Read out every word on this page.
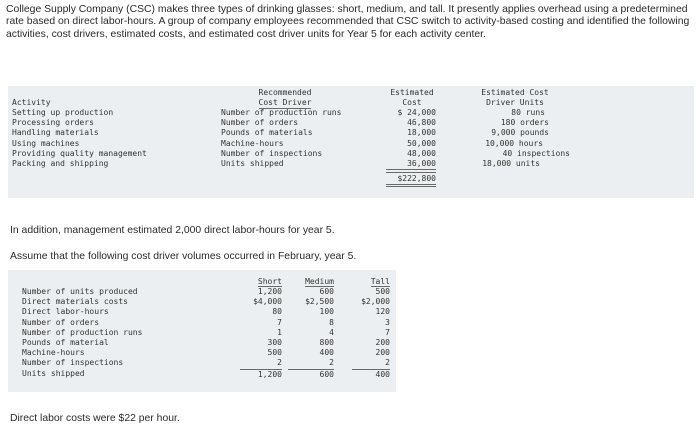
College Supply Company (CSC) makes three types of drinking glasses: short, medium, and tall. It presently applies overhead using a predetermined rate based on direct labor-hours. A group of company employees recommended that CSC switch to activity-based costing and identified the following activities, cost drivers, estimated costs, and estimated cost driver units for Year 5 for each activity center.
Recommended
Cost Driver
Estimated
Cost
Estimated Cost
Driver Units
Activity
Setting up production
Processing orders
Handling materials
Using machines
Providing quality management
Packing and shipping
Number of production runs
Number of orders
Pounds of materials
Machine-hours
Number of inspections
Units shipped
$ 24,000
46,800
18,000
50,000
48,000
36,000
$222,800
80 runs
180 orders
9,000 pounds
10,000 hours
40 inspections
18,000 units
In addition, management estimated 2,000 direct labor-hours for year 5.
Assume that the following cost driver volumes occurred in February, year 5.
Short	Medium	Tall
Number of units produced
Direct materials costs
Direct labor-hours
Number of orders
Number of production runs
Pounds of material
Machine-hours
Number of inspections
Units shipped
1,200
$4,000
80
7
1
300
500
2
1,200
600
$2,500
100
8
4
800
400
2
600
500
$2,000
120
3
7
200
200
2
400
Direct labor costs were $22 per hour.
